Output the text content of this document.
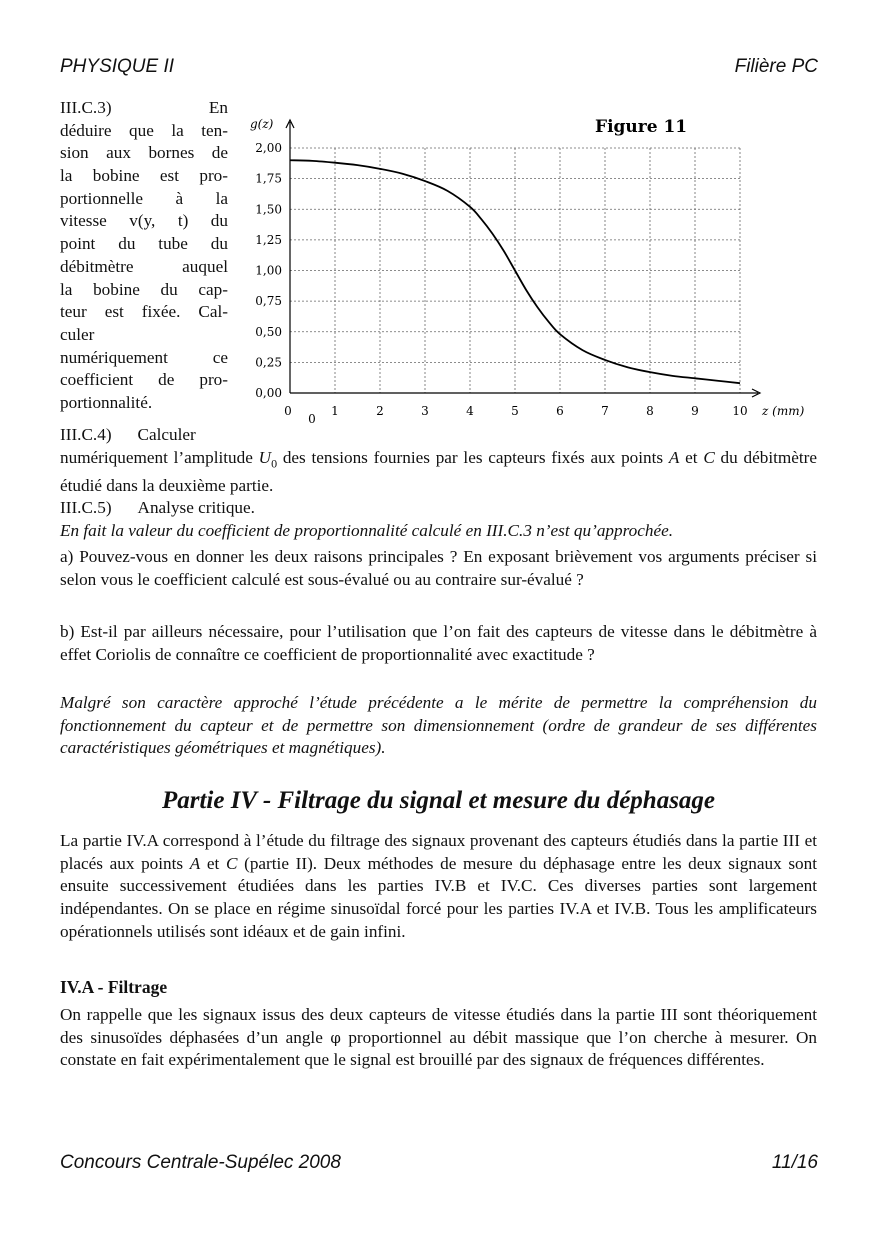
PHYSIQUE II	Filière PC
III.C.3) En
déduire que la ten-
sion aux bornes de
la bobine est pro-
portionnelle à la
vitesse v(y, t) du
point du tube du
débitmètre auquel
la bobine du cap-
teur est fixée. Cal-
culer
numériquement ce
coefficient de pro-
portionnalité.	0,00
0,25
0,50
0,75
1,00
1,25
1,50
1,75
2,00
1	2	3	4	5	6	7	8	9	10
0
0
g(z)
z (mm)
Figure 11
III.C.4) Calculer
numériquement l’amplitude $U_0$ des tensions fournies par les capteurs fixés aux points A et C du débitmètre étudié dans la deuxième partie.
III.C.5) Analyse critique.
En fait la valeur du coefficient de proportionnalité calculé en III.C.3 n’est qu’approchée.
a) Pouvez-vous en donner les deux raisons principales ? En exposant brièvement vos arguments préciser si selon vous le coefficient calculé est sous-évalué ou au contraire sur-évalué ?
b) Est-il par ailleurs nécessaire, pour l’utilisation que l’on fait des capteurs de vitesse dans le débitmètre à effet Coriolis de connaître ce coefficient de proportionnalité avec exactitude ?
Malgré son caractère approché l’étude précédente a le mérite de permettre la compréhension du fonctionnement du capteur et de permettre son dimensionnement (ordre de grandeur de ses différentes caractéristiques géométriques et magnétiques).
Partie IV - Filtrage du signal et mesure du déphasage
La partie IV.A correspond à l’étude du filtrage des signaux provenant des capteurs étudiés dans la partie III et placés aux points A et C (partie II). Deux méthodes de mesure du déphasage entre les deux signaux sont ensuite successivement étudiées dans les parties IV.B et IV.C. Ces diverses parties sont largement indépendantes. On se place en régime sinusoïdal forcé pour les parties IV.A et IV.B. Tous les amplificateurs opérationnels utilisés sont idéaux et de gain infini.
IV.A - Filtrage
On rappelle que les signaux issus des deux capteurs de vitesse étudiés dans la partie III sont théoriquement des sinusoïdes déphasées d’un angle φ proportionnel au débit massique que l’on cherche à mesurer. On constate en fait expérimentalement que le signal est brouillé par des signaux de fréquences différentes.
Concours Centrale-Supélec 2008	11/16
